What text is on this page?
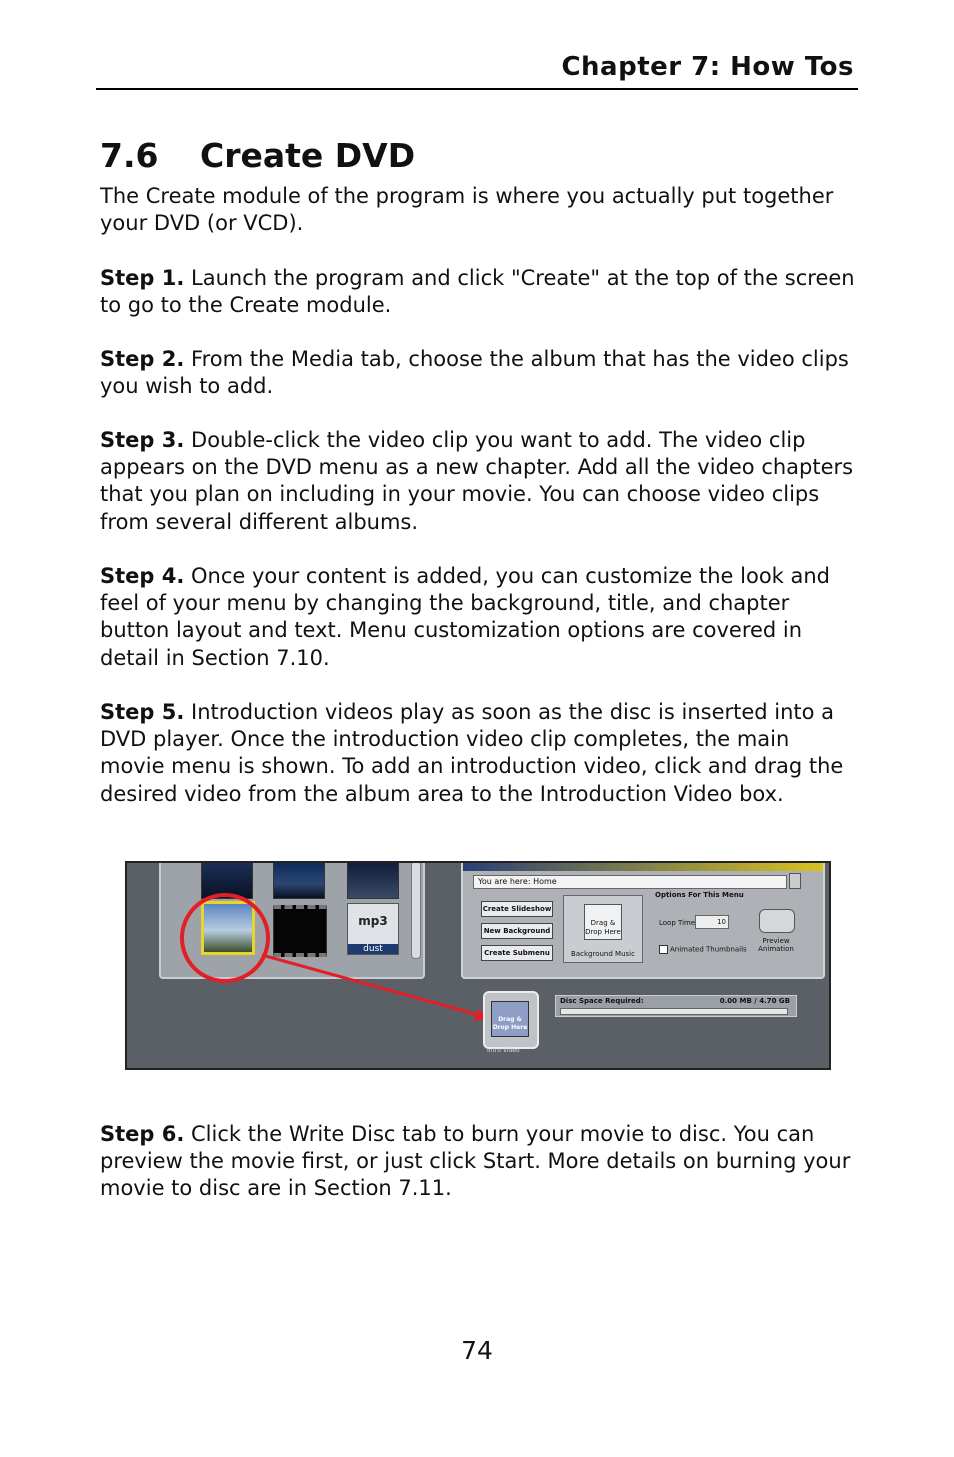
Chapter 7: How Tos
7.6 Create DVD

The Create module of the program is where you actually put together your DVD (or VCD).

Step 1. Launch the program and click "Create" at the top of the screen to go to the Create module.

Step 2. From the Media tab, choose the album that has the video clips you wish to add.

Step 3. Double-click the video clip you want to add. The video clip appears on the DVD menu as a new chapter. Add all the video chapters that you plan on including in your movie. You can choose video clips from several different albums.

Step 4. Once your content is added, you can customize the look and feel of your menu by changing the background, title, and chapter button layout and text. Menu customization options are covered in detail in Section 7.10.

Step 5. Introduction videos play as soon as the disc is inserted into a DVD player. Once the introduction video clip completes, the main movie menu is shown. To add an introduction video, click and drag the desired video from the album area to the Introduction Video box.

mp3
dust
You are here: Home
Create Slideshow
New Background
Create Submenu
Drag & Drop Here
Background Music
Options For This Menu
Loop Time	10
Animated Thumbnails
Preview Animation
Drag & Drop Here
Intro Video
Disc Space Required:	0.00 MB / 4.70 GB

Step 6. Click the Write Disc tab to burn your movie to disc. You can preview the movie first, or just click Start. More details on burning your movie to disc are in Section 7.11.

74
